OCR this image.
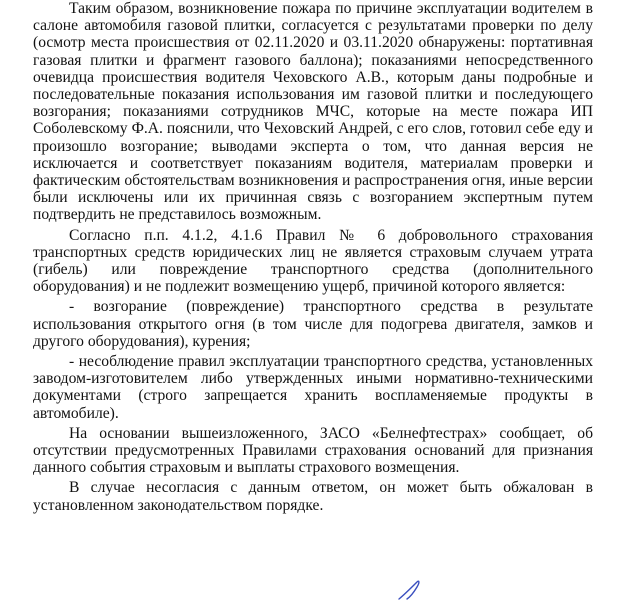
Таким образом, возникновение пожара по причине эксплуатации водителем в салоне автомобиля газовой плитки, согласуется с результатами проверки по делу (осмотр места происшествия от 02.11.2020 и 03.11.2020 обнаружены: портативная газовая плитки и фрагмент газового баллона); показаниями непосредственного очевидца происшествия водителя Чеховского А.В., которым даны подробные и последовательные показания использования им газовой плитки и последующего возгорания; показаниями сотрудников МЧС, которые на месте пожара ИП Соболевскому Ф.А. пояснили, что Чеховский Андрей, с его слов, готовил себе еду и произошло возгорание; выводами эксперта о том, что данная версия не исключается и соответствует показаниям водителя, материалам проверки и фактическим обстоятельствам возникновения и распространения огня, иные версии были исключены или их причинная связь с возгоранием экспертным путем подтвердить не представилось возможным.

Согласно п.п. 4.1.2, 4.1.6 Правил № 6 добровольного страхования транспортных средств юридических лиц не является страховым случаем утрата (гибель) или повреждение транспортного средства (дополнительного оборудования) и не подлежит возмещению ущерб, причиной которого является:

- возгорание (повреждение) транспортного средства в результате использования открытого огня (в том числе для подогрева двигателя, замков и другого оборудования), курения;

- несоблюдение правил эксплуатации транспортного средства, установленных заводом-изготовителем либо утвержденных иными нормативно-техническими документами (строго запрещается хранить воспламеняемые продукты в автомобиле).

На основании вышеизложенного, ЗАСО «Белнефтестрах» сообщает, об отсутствии предусмотренных Правилами страхования оснований для признания данного события страховым и выплаты страхового возмещения.

В случае несогласия с данным ответом, он может быть обжалован в установленном законодательством порядке.
